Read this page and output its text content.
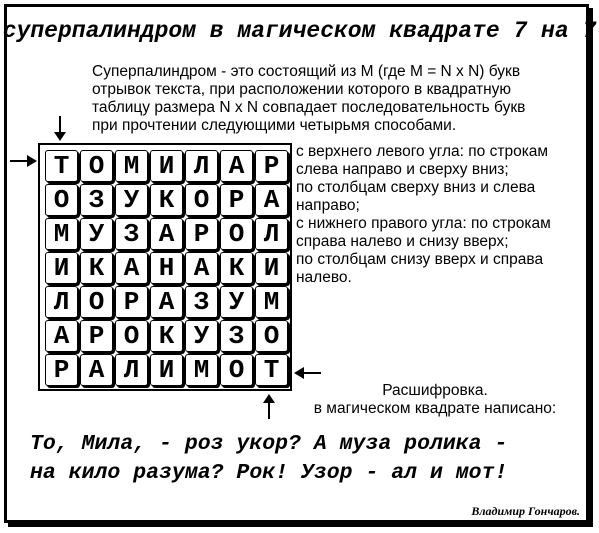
суперпалиндром в магическом квадрате 7 на 7
Суперпалиндром - это состоящий из М (где М = N x N) букв
отрывок текста, при расположении которого в квадратную
таблицу размера N x N совпадает последовательность букв
при прочтении следующими четырьмя способами.
с верхнего левого угла: по строкам
слева направо и сверху вниз;
по столбцам сверху вниз и слева
направо;
с нижнего правого угла: по строкам
справа налево и снизу вверх;
по столбцам снизу вверх и справа
налево.
Т О М И Л А Р
О З У К О Р А
М У З А Р О Л
И К А Н А К И
Л О Р А З У М
А Р О К У З О
Р А Л И М О Т
Расшифровка.
в магическом квадрате написано:
То, Мила, - роз укор? А муза ролика -
на кило разума? Рок! Узор - ал и мот!
Владимир Гончаров.
